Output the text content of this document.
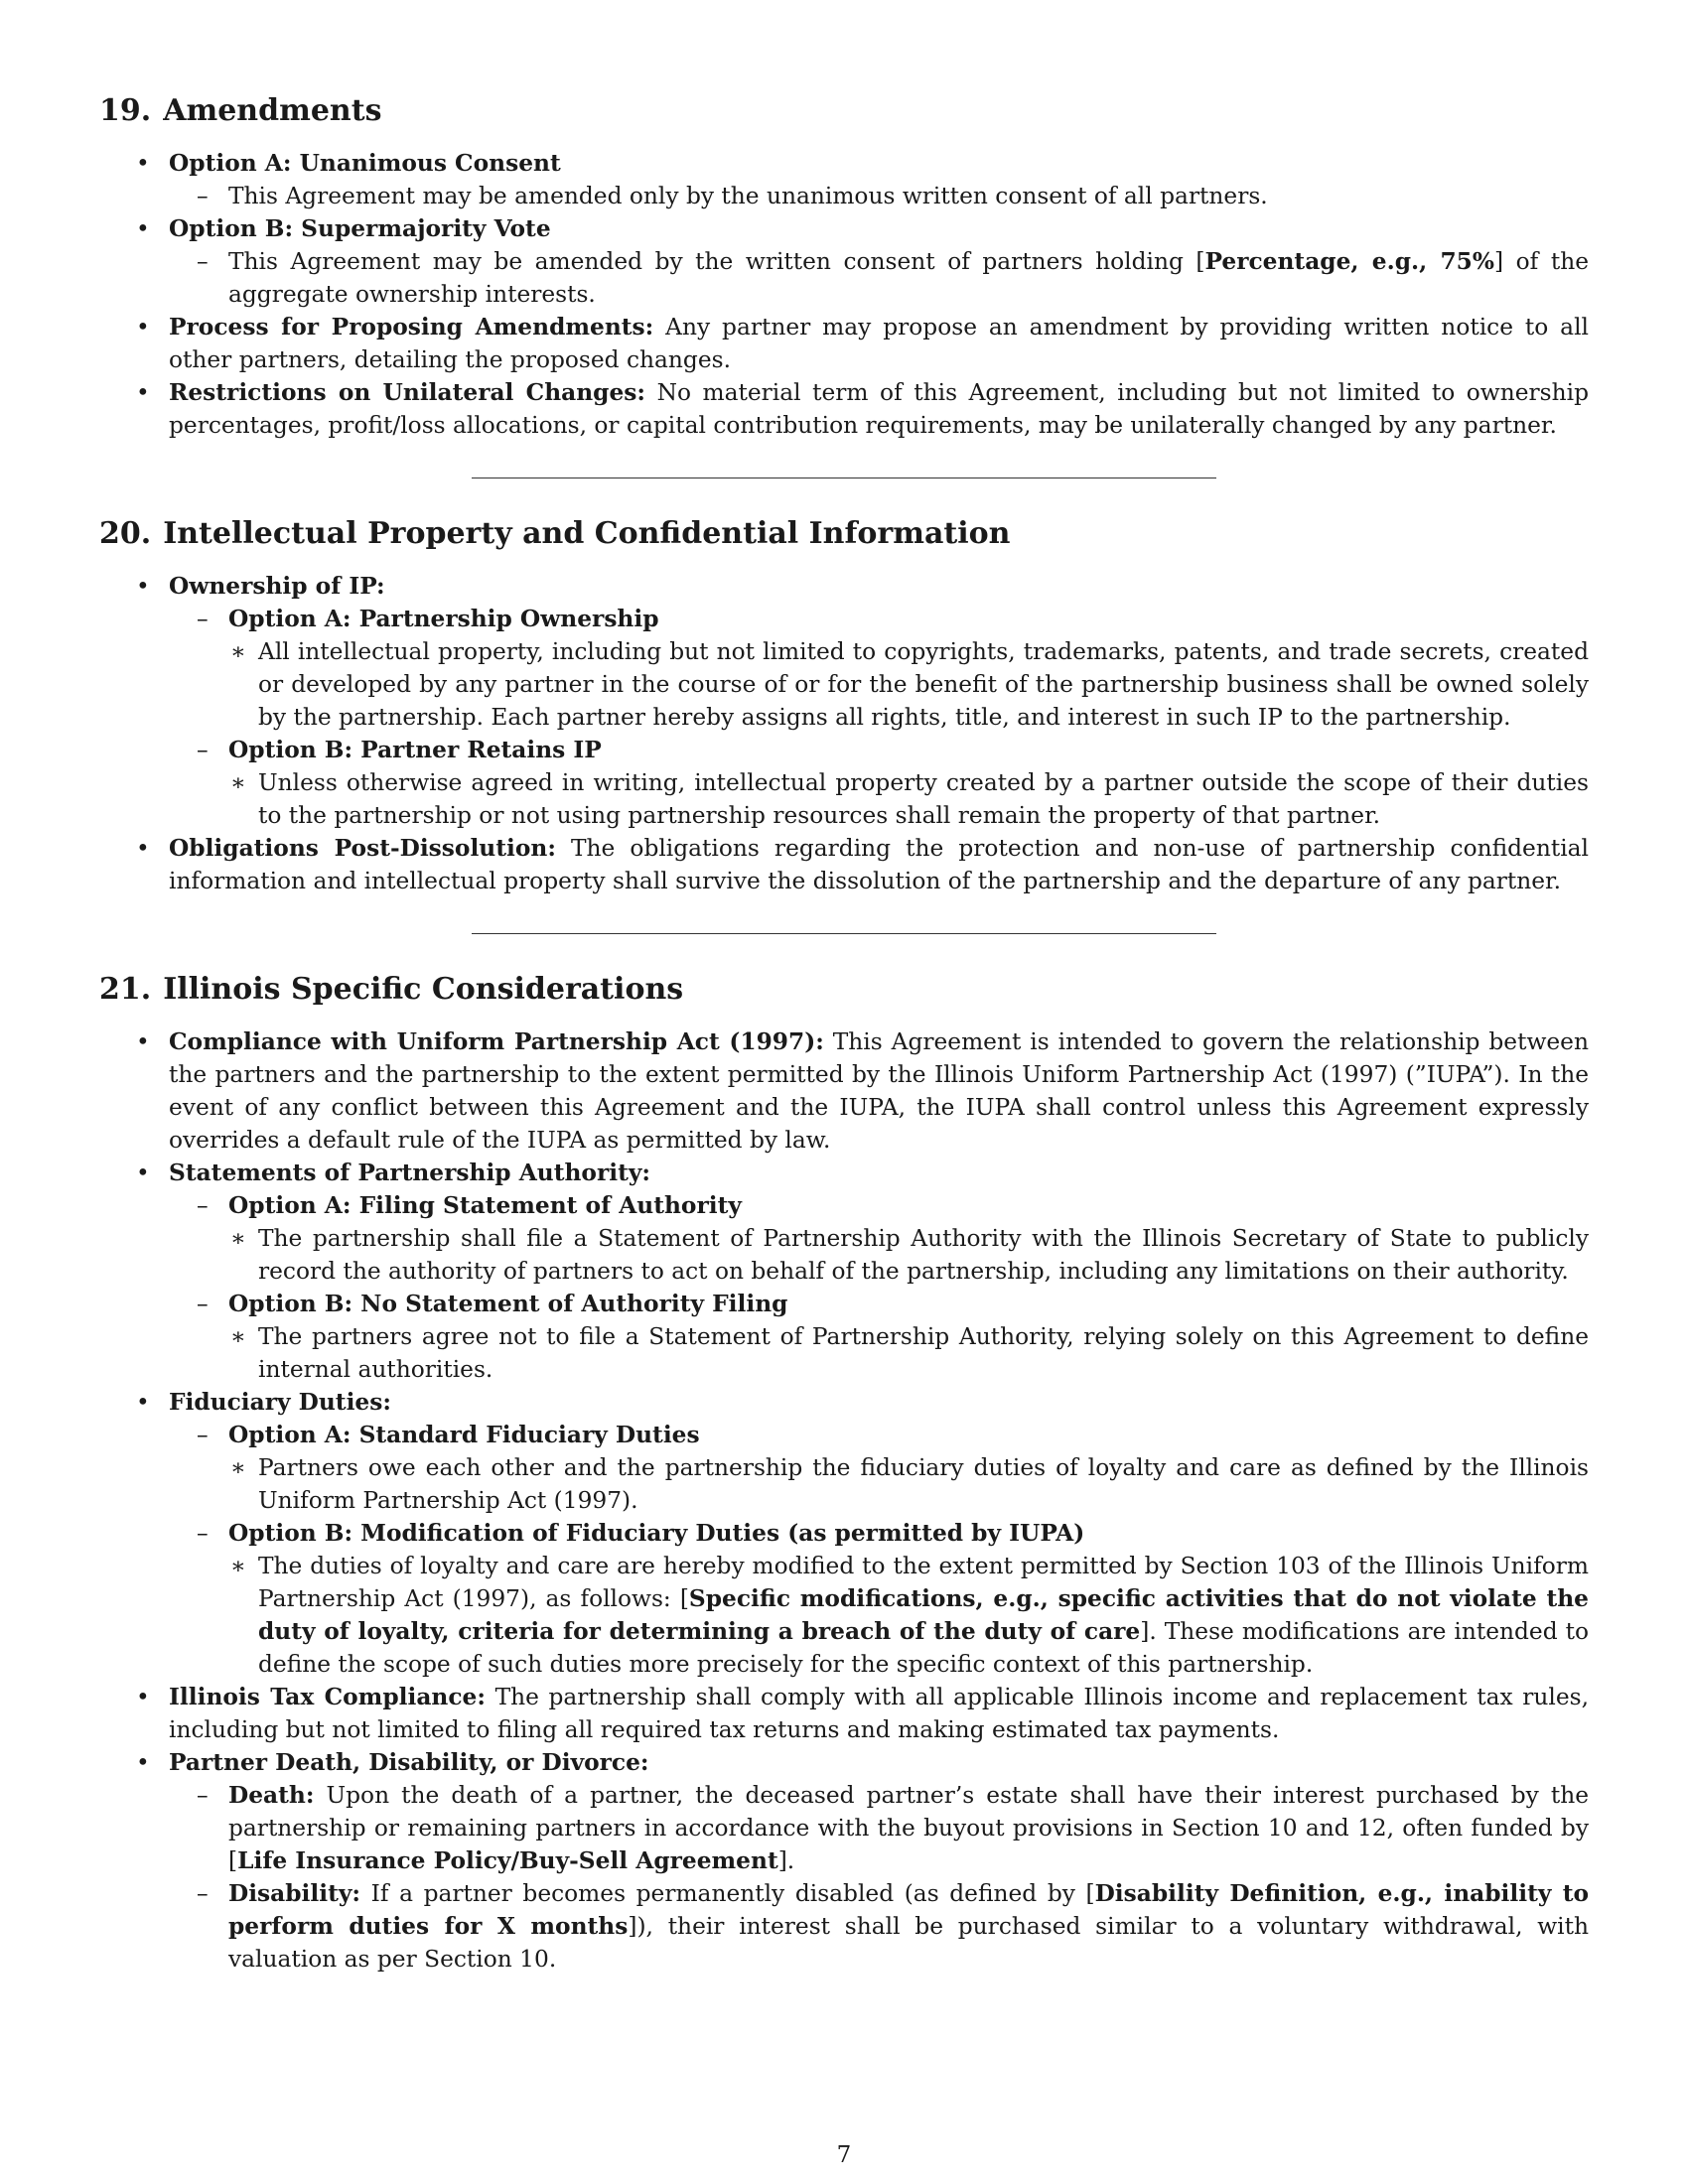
19. Amendments
• Option A: Unanimous Consent
– This Agreement may be amended only by the unanimous written consent of all partners.
• Option B: Supermajority Vote
– This Agreement may be amended by the written consent of partners holding [Percentage, e.g., 75%] of the aggregate ownership interests.
• Process for Proposing Amendments: Any partner may propose an amendment by providing written notice to all other partners, detailing the proposed changes.
• Restrictions on Unilateral Changes: No material term of this Agreement, including but not limited to ownership percentages, profit/loss allocations, or capital contribution requirements, may be unilaterally changed by any partner.
20. Intellectual Property and Confidential Information
• Ownership of IP:
– Option A: Partnership Ownership
∗ All intellectual property, including but not limited to copyrights, trademarks, patents, and trade secrets, created or developed by any partner in the course of or for the benefit of the partnership business shall be owned solely by the partnership. Each partner hereby assigns all rights, title, and interest in such IP to the partnership.
– Option B: Partner Retains IP
∗ Unless otherwise agreed in writing, intellectual property created by a partner outside the scope of their duties to the partnership or not using partnership resources shall remain the property of that partner.
• Obligations Post-Dissolution: The obligations regarding the protection and non-use of partnership confidential information and intellectual property shall survive the dissolution of the partnership and the departure of any partner.
21. Illinois Specific Considerations
• Compliance with Uniform Partnership Act (1997): This Agreement is intended to govern the relationship between the partners and the partnership to the extent permitted by the Illinois Uniform Partnership Act (1997) (”IUPA”). In the event of any conflict between this Agreement and the IUPA, the IUPA shall control unless this Agreement expressly overrides a default rule of the IUPA as permitted by law.
• Statements of Partnership Authority:
– Option A: Filing Statement of Authority
∗ The partnership shall file a Statement of Partnership Authority with the Illinois Secretary of State to publicly record the authority of partners to act on behalf of the partnership, including any limitations on their authority.
– Option B: No Statement of Authority Filing
∗ The partners agree not to file a Statement of Partnership Authority, relying solely on this Agreement to define internal authorities.
• Fiduciary Duties:
– Option A: Standard Fiduciary Duties
∗ Partners owe each other and the partnership the fiduciary duties of loyalty and care as defined by the Illinois Uniform Partnership Act (1997).
– Option B: Modification of Fiduciary Duties (as permitted by IUPA)
∗ The duties of loyalty and care are hereby modified to the extent permitted by Section 103 of the Illinois Uniform Partnership Act (1997), as follows: [Specific modifications, e.g., specific activities that do not violate the duty of loyalty, criteria for determining a breach of the duty of care]. These modifications are intended to define the scope of such duties more precisely for the specific context of this partnership.
• Illinois Tax Compliance: The partnership shall comply with all applicable Illinois income and replacement tax rules, including but not limited to filing all required tax returns and making estimated tax payments.
• Partner Death, Disability, or Divorce:
– Death: Upon the death of a partner, the deceased partner’s estate shall have their interest purchased by the partnership or remaining partners in accordance with the buyout provisions in Section 10 and 12, often funded by [Life Insurance Policy/Buy-Sell Agreement].
– Disability: If a partner becomes permanently disabled (as defined by [Disability Definition, e.g., inability to perform duties for X months]), their interest shall be purchased similar to a voluntary withdrawal, with valuation as per Section 10.
7
